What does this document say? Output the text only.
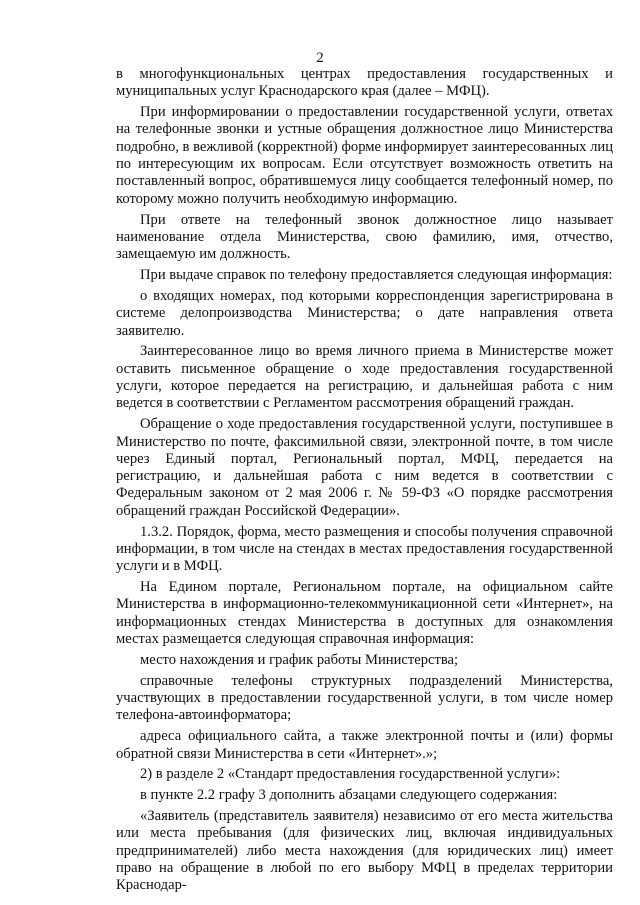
2

в многофункциональных центрах предоставления государственных и муниципальных услуг Краснодарского края (далее – МФЦ).

При информировании о предоставлении государственной услуги, ответах на телефонные звонки и устные обращения должностное лицо Министерства подробно, в вежливой (корректной) форме информирует заинтересованных лиц по интересующим их вопросам. Если отсутствует возможность ответить на поставленный вопрос, обратившемуся лицу сообщается телефонный номер, по которому можно получить необходимую информацию.

При ответе на телефонный звонок должностное лицо называет наименование отдела Министерства, свою фамилию, имя, отчество, замещаемую им должность.

При выдаче справок по телефону предоставляется следующая информация:

о входящих номерах, под которыми корреспонденция зарегистрирована в системе делопроизводства Министерства; о дате направления ответа заявителю.

Заинтересованное лицо во время личного приема в Министерстве может оставить письменное обращение о ходе предоставления государственной услуги, которое передается на регистрацию, и дальнейшая работа с ним ведется в соответствии с Регламентом рассмотрения обращений граждан.

Обращение о ходе предоставления государственной услуги, поступившее в Министерство по почте, факсимильной связи, электронной почте, в том числе через Единый портал, Региональный портал, МФЦ, передается на регистрацию, и дальнейшая работа с ним ведется в соответствии с Федеральным законом от 2 мая 2006 г. № 59-ФЗ «О порядке рассмотрения обращений граждан Российской Федерации».

1.3.2. Порядок, форма, место размещения и способы получения справочной информации, в том числе на стендах в местах предоставления государственной услуги и в МФЦ.

На Едином портале, Региональном портале, на официальном сайте Министерства в информационно-телекоммуникационной сети «Интернет», на информационных стендах Министерства в доступных для ознакомления местах размещается следующая справочная информация:

место нахождения и график работы Министерства;

справочные телефоны структурных подразделений Министерства, участвующих в предоставлении государственной услуги, в том числе номер телефона-автоинформатора;

адреса официального сайта, а также электронной почты и (или) формы обратной связи Министерства в сети «Интернет».»;

2) в разделе 2 «Стандарт предоставления государственной услуги»:

в пункте 2.2 графу 3 дополнить абзацами следующего содержания:

«Заявитель (представитель заявителя) независимо от его места жительства или места пребывания (для физических лиц, включая индивидуальных предпринимателей) либо места нахождения (для юридических лиц) имеет право на обращение в любой по его выбору МФЦ в пределах территории Краснодар-
